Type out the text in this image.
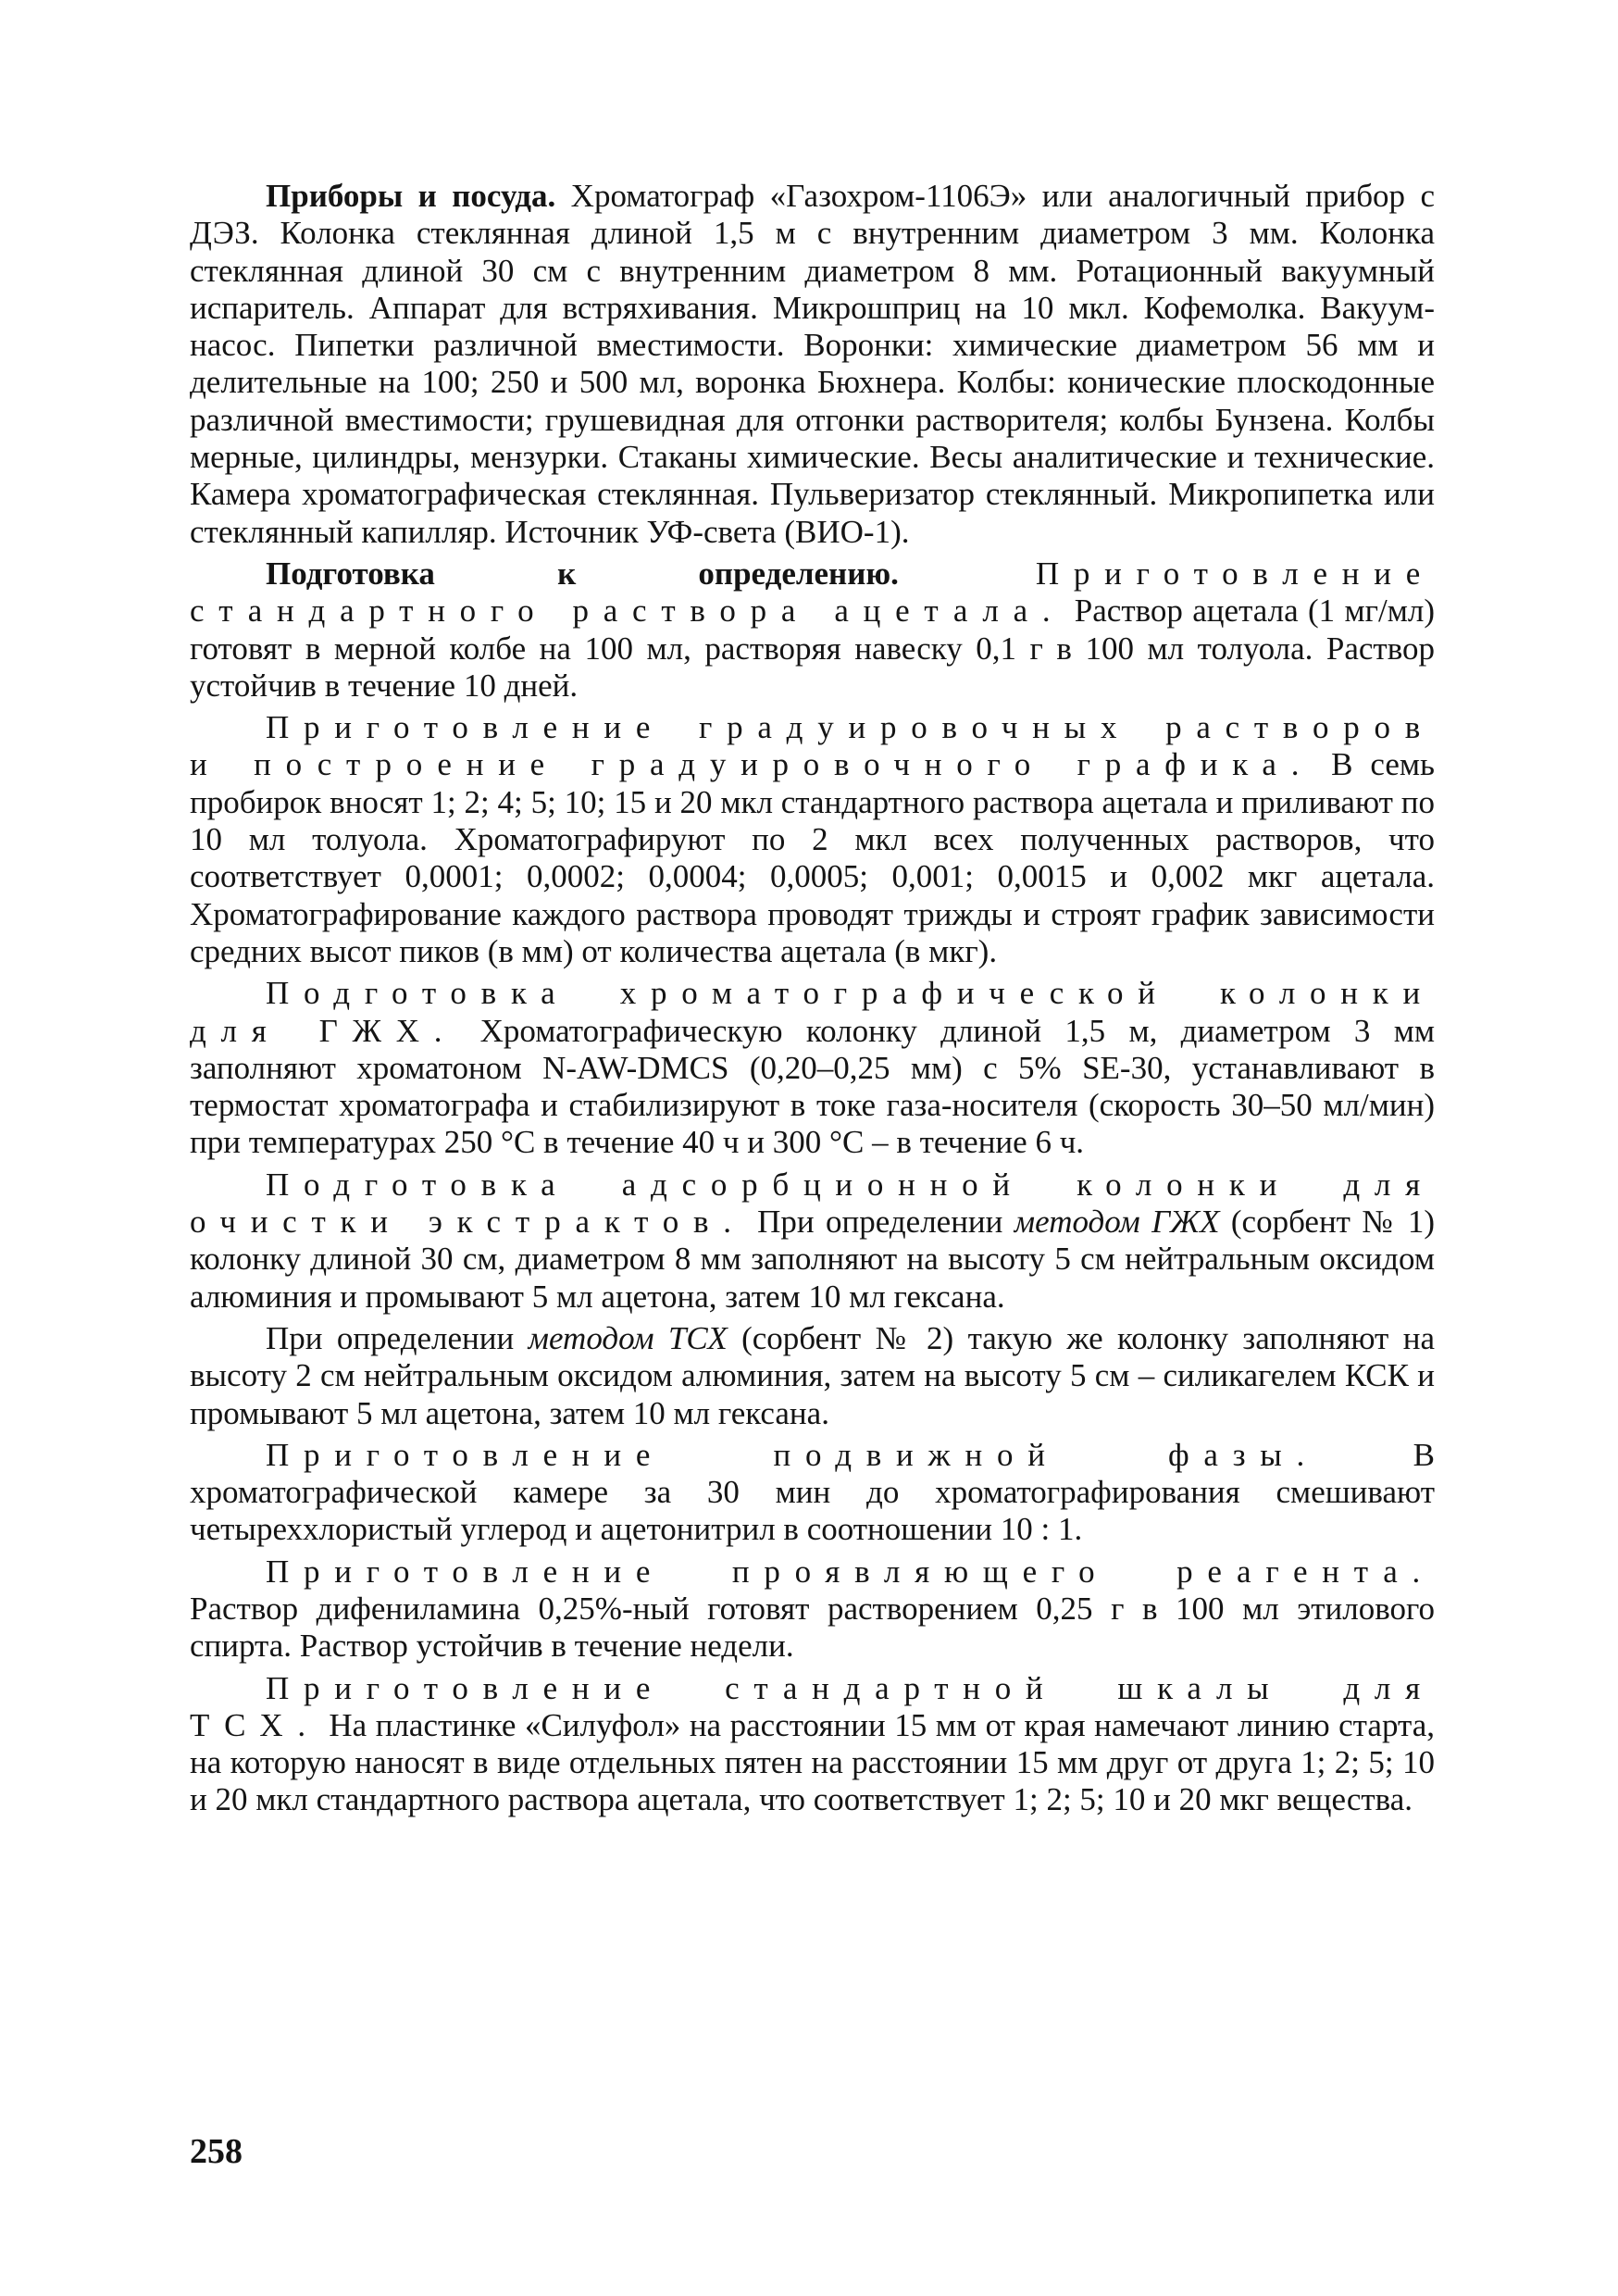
Приборы и посуда. Хроматограф «Газохром-1106Э» или аналогичный прибор с ДЭЗ. Колонка стеклянная длиной 1,5 м с внутренним диаметром 3 мм. Колонка стеклянная длиной 30 см с внутренним диаметром 8 мм. Ротационный вакуумный испаритель. Аппарат для встряхивания. Микрошприц на 10 мкл. Кофемолка. Вакуум-насос. Пипетки различной вместимости. Воронки: химические диаметром 56 мм и делительные на 100; 250 и 500 мл, воронка Бюхнера. Колбы: конические плоскодонные различной вместимости; грушевидная для отгонки растворителя; колбы Бунзена. Колбы мерные, цилиндры, мензурки. Стаканы химические. Весы аналитические и технические. Камера хроматографическая стеклянная. Пульверизатор стеклянный. Микропипетка или стеклянный капилляр. Источник УФ-света (ВИО-1).

Подготовка к определению. Приготовление стандартного раствора ацетала. Раствор ацетала (1 мг/мл) готовят в мерной колбе на 100 мл, растворяя навеску 0,1 г в 100 мл толуола. Раствор устойчив в течение 10 дней.

Приготовление градуировочных растворов и построение градуировочного графика. В семь пробирок вносят 1; 2; 4; 5; 10; 15 и 20 мкл стандартного раствора ацетала и приливают по 10 мл толуола. Хроматографируют по 2 мкл всех полученных растворов, что соответствует 0,0001; 0,0002; 0,0004; 0,0005; 0,001; 0,0015 и 0,002 мкг ацетала. Хроматографирование каждого раствора проводят трижды и строят график зависимости средних высот пиков (в мм) от количества ацетала (в мкг).

Подготовка хроматографической колонки для ГЖХ. Хроматографическую колонку длиной 1,5 м, диаметром 3 мм заполняют хроматоном N-AW-DMCS (0,20–0,25 мм) с 5% SE-30, устанавливают в термостат хроматографа и стабилизируют в токе газа-носителя (скорость 30–50 мл/мин) при температурах 250 °С в течение 40 ч и 300 °С – в течение 6 ч.

Подготовка адсорбционной колонки для очистки экстрактов. При определении методом ГЖХ (сорбент № 1) колонку длиной 30 см, диаметром 8 мм заполняют на высоту 5 см нейтральным оксидом алюминия и промывают 5 мл ацетона, затем 10 мл гексана.

При определении методом ТСХ (сорбент № 2) такую же колонку заполняют на высоту 2 см нейтральным оксидом алюминия, затем на высоту 5 см – силикагелем КСК и промывают 5 мл ацетона, затем 10 мл гексана.

Приготовление подвижной фазы. В хроматографической камере за 30 мин до хроматографирования смешивают четыреххлористый углерод и ацетонитрил в соотношении 10 : 1.

Приготовление проявляющего реагента. Раствор дифениламина 0,25%-ный готовят растворением 0,25 г в 100 мл этилового спирта. Раствор устойчив в течение недели.

Приготовление стандартной шкалы для ТСХ. На пластинке «Силуфол» на расстоянии 15 мм от края намечают линию старта, на которую наносят в виде отдельных пятен на расстоянии 15 мм друг от друга 1; 2; 5; 10 и 20 мкл стандартного раствора ацетала, что соответствует 1; 2; 5; 10 и 20 мкг вещества.

258
